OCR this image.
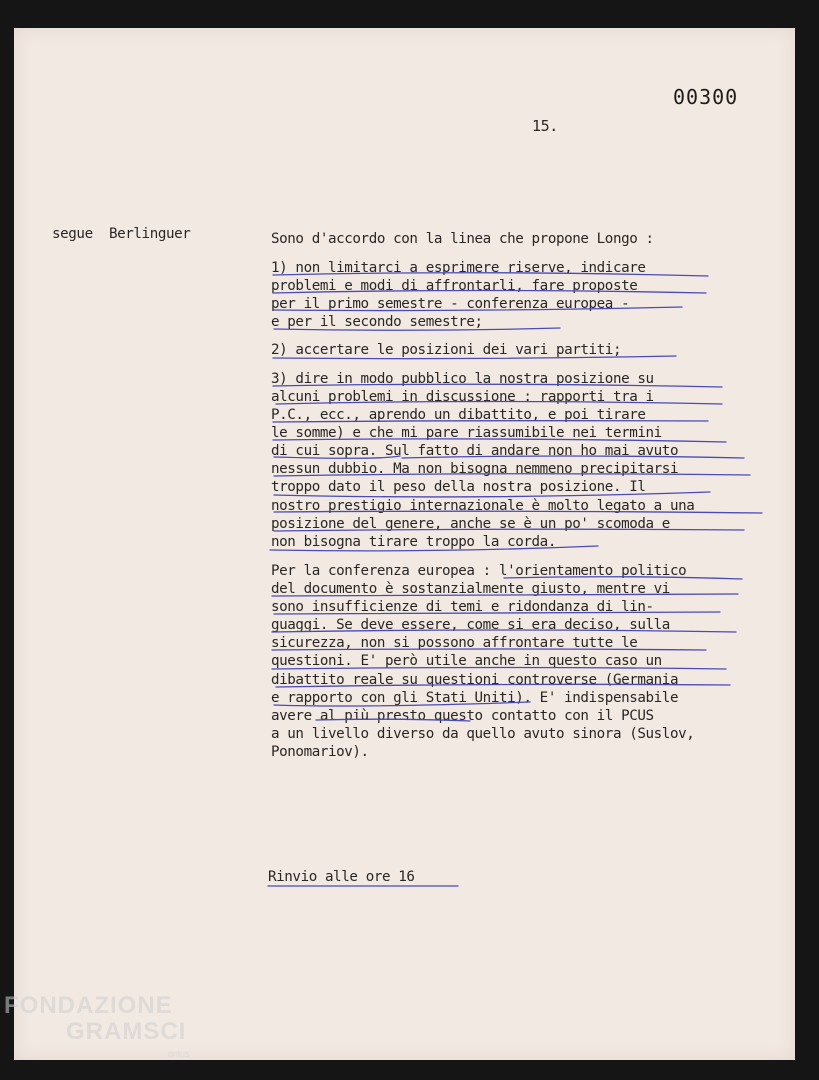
00300
15.
segue  Berlinguer	Sono d'accordo con la linea che propone Longo :
1) non limitarci a esprimere riserve, indicare
problemi e modi di affrontarli, fare proposte
per il primo semestre - conferenza europea -
e per il secondo semestre;
2) accertare le posizioni dei vari partiti;
3) dire in modo pubblico la nostra posizione su
alcuni problemi in discussione : rapporti tra i
P.C., ecc., aprendo un dibattito, e poi tirare
le somme) e che mi pare riassumibile nei termini
di cui sopra. Sul fatto di andare non ho mai avuto
nessun dubbio. Ma non bisogna nemmeno precipitarsi
troppo dato il peso della nostra posizione. Il
nostro prestigio internazionale è molto legato a una
posizione del genere, anche se è un po' scomoda e
non bisogna tirare troppo la corda.
Per la conferenza europea : l'orientamento politico
del documento è sostanzialmente giusto, mentre vi
sono insufficienze di temi e ridondanza di lin-
guaggi. Se deve essere, come si era deciso, sulla
sicurezza, non si possono affrontare tutte le
questioni. E' però utile anche in questo caso un
dibattito reale su questioni controverse (Germania
e rapporto con gli Stati Uniti). E' indispensabile
avere al più presto questo contatto con il PCUS
a un livello diverso da quello avuto sinora (Suslov,
Ponomariov).
Rinvio alle ore 16
FONDAZIONE
GRAMSCI
onlus
